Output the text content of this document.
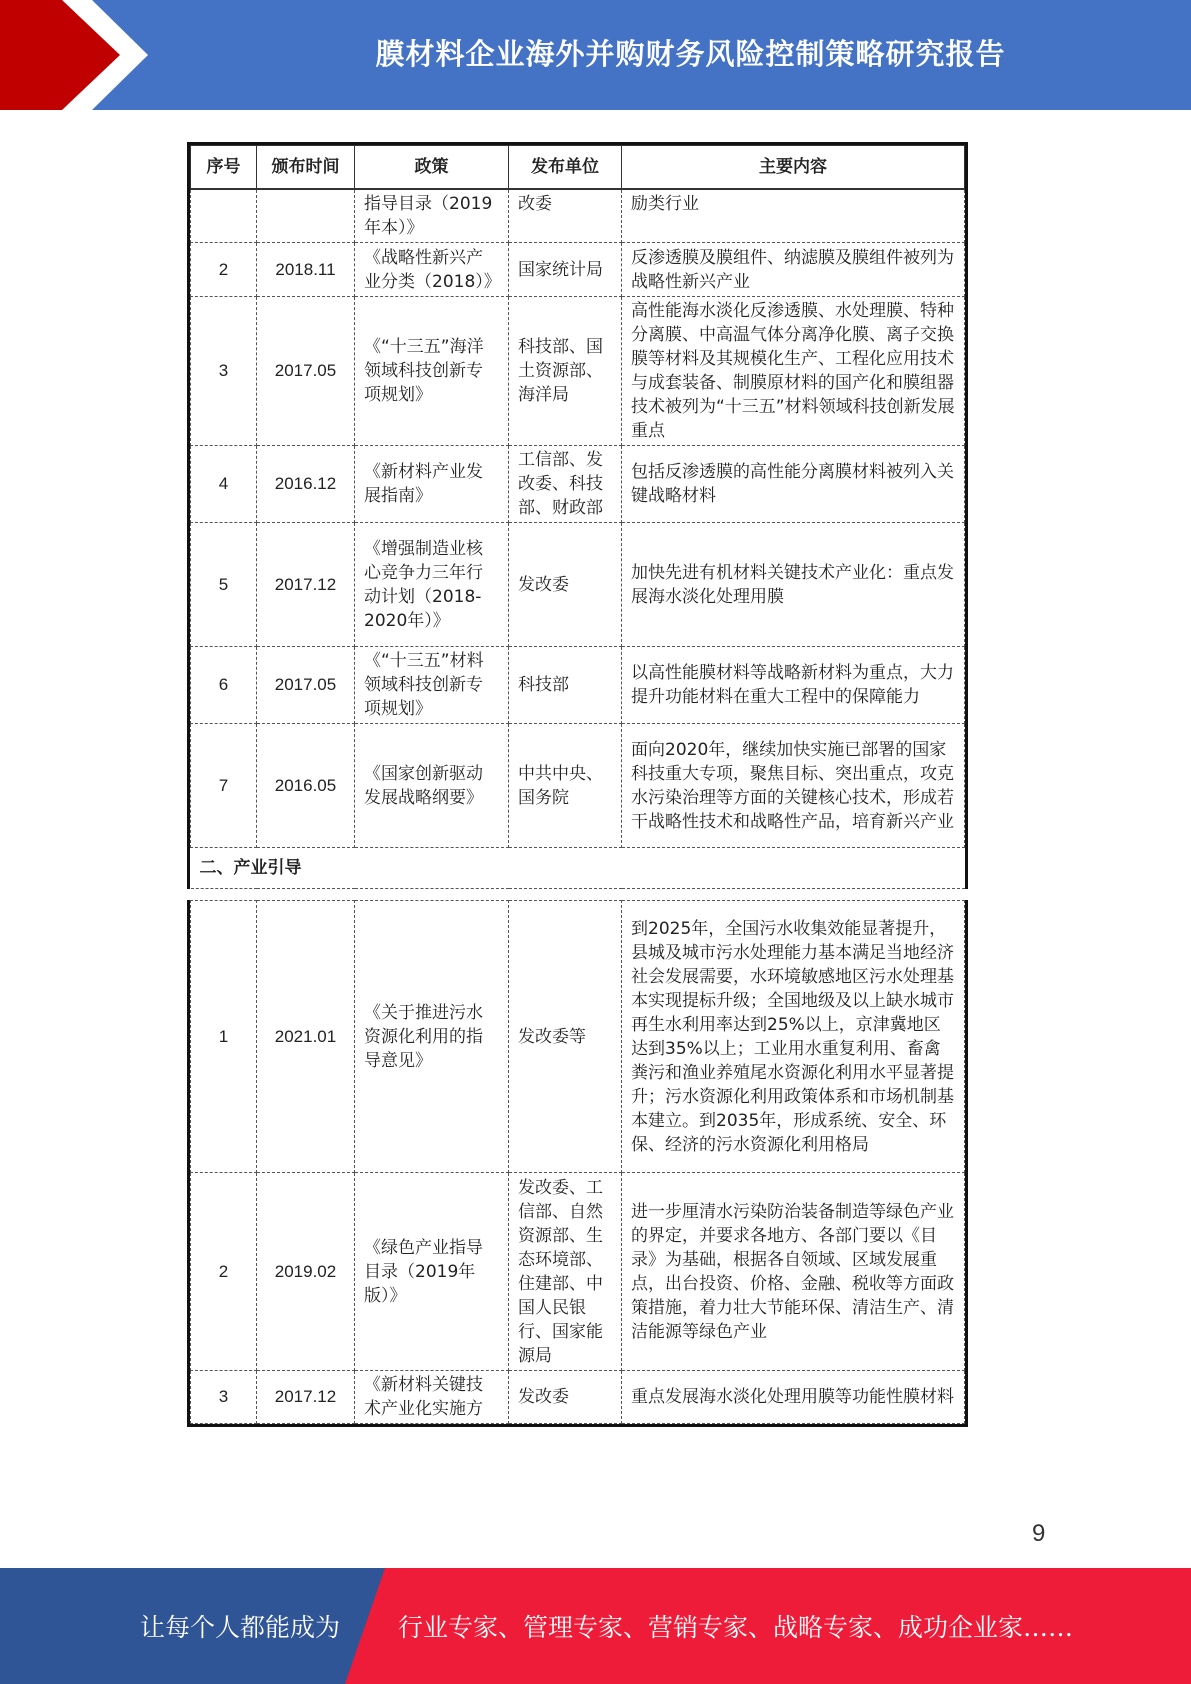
膜材料企业海外并购财务风险控制策略研究报告
序号	颁布时间	政策	发布单位	主要内容
		指导目录（2019年本）》	改委	励类行业
2	2018.11	《战略性新兴产业分类（2018）》	国家统计局	反渗透膜及膜组件、纳滤膜及膜组件被列为战略性新兴产业
3	2017.05	《“十三五”海洋领域科技创新专项规划》	科技部、国土资源部、海洋局	高性能海水淡化反渗透膜、水处理膜、特种分离膜、中高温气体分离净化膜、离子交换膜等材料及其规模化生产、工程化应用技术与成套装备、制膜原材料的国产化和膜组器技术被列为“十三五”材料领域科技创新发展重点
4	2016.12	《新材料产业发展指南》	工信部、发改委、科技部、财政部	包括反渗透膜的高性能分离膜材料被列入关键战略材料
5	2017.12	《增强制造业核心竞争力三年行动计划（2018-2020年）》	发改委	加快先进有机材料关键技术产业化：重点发展海水淡化处理用膜
6	2017.05	《“十三五”材料领域科技创新专项规划》	科技部	以高性能膜材料等战略新材料为重点，大力提升功能材料在重大工程中的保障能力
7	2016.05	《国家创新驱动发展战略纲要》	中共中央、国务院	面向2020年，继续加快实施已部署的国家科技重大专项，聚焦目标、突出重点，攻克水污染治理等方面的关键核心技术，形成若干战略性技术和战略性产品，培育新兴产业
二、产业引导				
1	2021.01	《关于推进污水资源化利用的指导意见》	发改委等	到2025年，全国污水收集效能显著提升，县城及城市污水处理能力基本满足当地经济社会发展需要，水环境敏感地区污水处理基本实现提标升级；全国地级及以上缺水城市再生水利用率达到25%以上，京津冀地区达到35%以上；工业用水重复利用、畜禽粪污和渔业养殖尾水资源化利用水平显著提升；污水资源化利用政策体系和市场机制基本建立。到2035年，形成系统、安全、环保、经济的污水资源化利用格局
2	2019.02	《绿色产业指导目录（2019年版）》	发改委、工信部、自然资源部、生态环境部、住建部、中国人民银行、国家能源局	进一步厘清水污染防治装备制造等绿色产业的界定，并要求各地方、各部门要以《目录》为基础，根据各自领域、区域发展重点，出台投资、价格、金融、税收等方面政策措施，着力壮大节能环保、清洁生产、清洁能源等绿色产业
3	2017.12	《新材料关键技术产业化实施方	发改委	重点发展海水淡化处理用膜等功能性膜材料
9
让每个人都能成为 行业专家、管理专家、营销专家、战略专家、成功企业家……
